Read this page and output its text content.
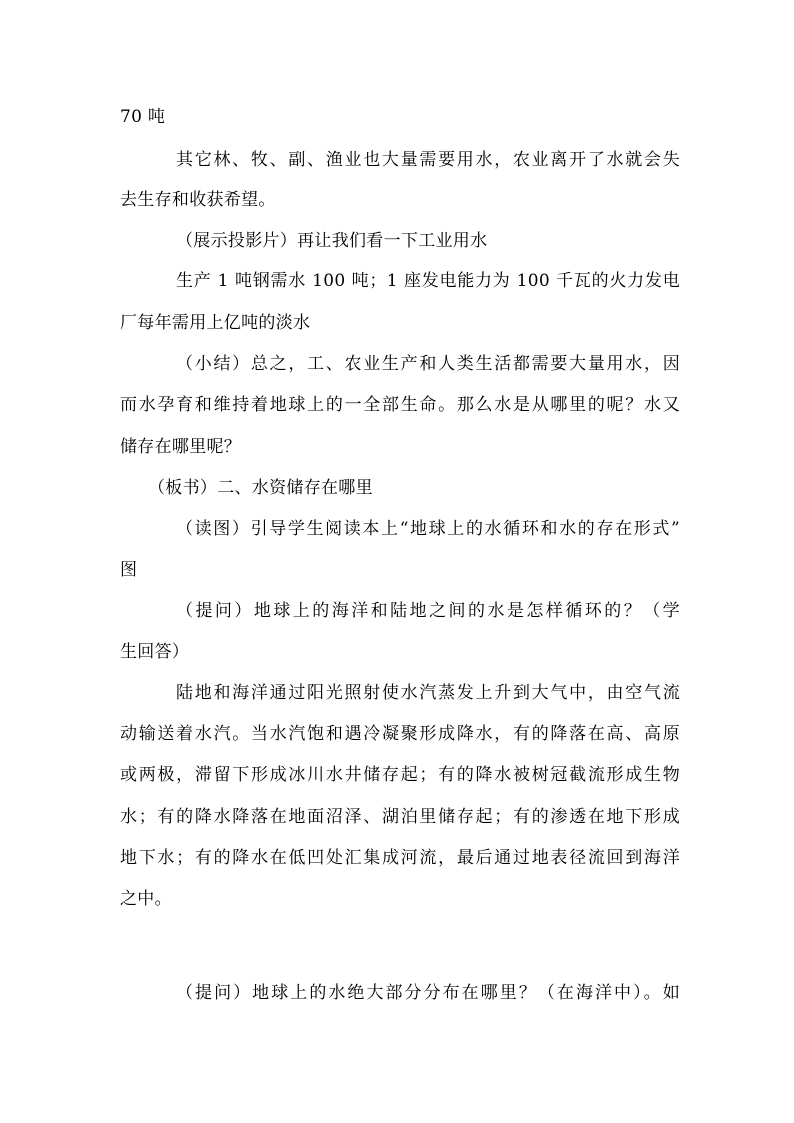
70 吨
其它林、牧、副、渔业也大量需要用水，农业离开了水就会失
去生存和收获希望。
（展示投影片）再让我们看一下工业用水
生产 1 吨钢需水 100 吨；1 座发电能力为 100 千瓦的火力发电
厂每年需用上亿吨的淡水
（小结）总之，工、农业生产和人类生活都需要大量用水，因
而水孕育和维持着地球上的一全部生命。那么水是从哪里的呢？水又
储存在哪里呢？
（板书）二、水资储存在哪里
（读图）引导学生阅读本上“地球上的水循环和水的存在形式”
图
（提问）地球上的海洋和陆地之间的水是怎样循环的？（学
生回答）
陆地和海洋通过阳光照射使水汽蒸发上升到大气中，由空气流
动输送着水汽。当水汽饱和遇冷凝聚形成降水，有的降落在高、高原
或两极，滞留下形成冰川水井储存起；有的降水被树冠截流形成生物
水；有的降水降落在地面沼泽、湖泊里储存起；有的渗透在地下形成
地下水；有的降水在低凹处汇集成河流，最后通过地表径流回到海洋
之中。
（提问）地球上的水绝大部分分布在哪里？（在海洋中）。如
